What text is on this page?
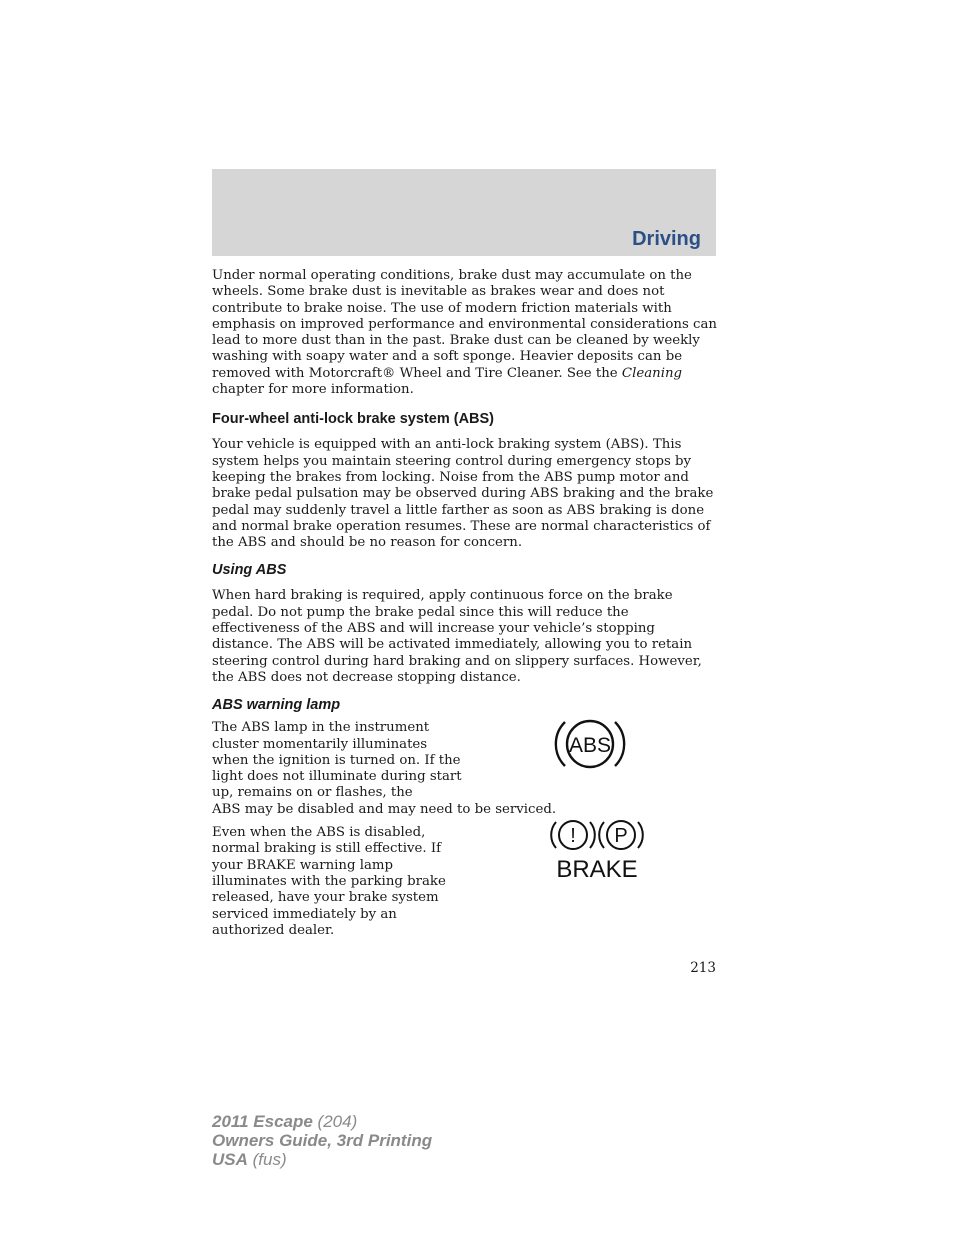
Driving

Under normal operating conditions, brake dust may accumulate on the wheels. Some brake dust is inevitable as brakes wear and does not contribute to brake noise. The use of modern friction materials with emphasis on improved performance and environmental considerations can lead to more dust than in the past. Brake dust can be cleaned by weekly washing with soapy water and a soft sponge. Heavier deposits can be removed with Motorcraft® Wheel and Tire Cleaner. See the Cleaning chapter for more information.

Four-wheel anti-lock brake system (ABS)

Your vehicle is equipped with an anti-lock braking system (ABS). This system helps you maintain steering control during emergency stops by keeping the brakes from locking. Noise from the ABS pump motor and brake pedal pulsation may be observed during ABS braking and the brake pedal may suddenly travel a little farther as soon as ABS braking is done and normal brake operation resumes. These are normal characteristics of the ABS and should be no reason for concern.

Using ABS

When hard braking is required, apply continuous force on the brake pedal. Do not pump the brake pedal since this will reduce the effectiveness of the ABS and will increase your vehicle’s stopping distance. The ABS will be activated immediately, allowing you to retain steering control during hard braking and on slippery surfaces. However, the ABS does not decrease stopping distance.

ABS warning lamp

The ABS lamp in the instrument cluster momentarily illuminates when the ignition is turned on. If the light does not illuminate during start up, remains on or flashes, the

ABS may be disabled and may need to be serviced.

ABS

Even when the ABS is disabled, normal braking is still effective. If your BRAKE warning lamp illuminates with the parking brake released, have your brake system serviced immediately by an authorized dealer.

! P
BRAKE
213
2011 Escape (204)
Owners Guide, 3rd Printing
USA (fus)
